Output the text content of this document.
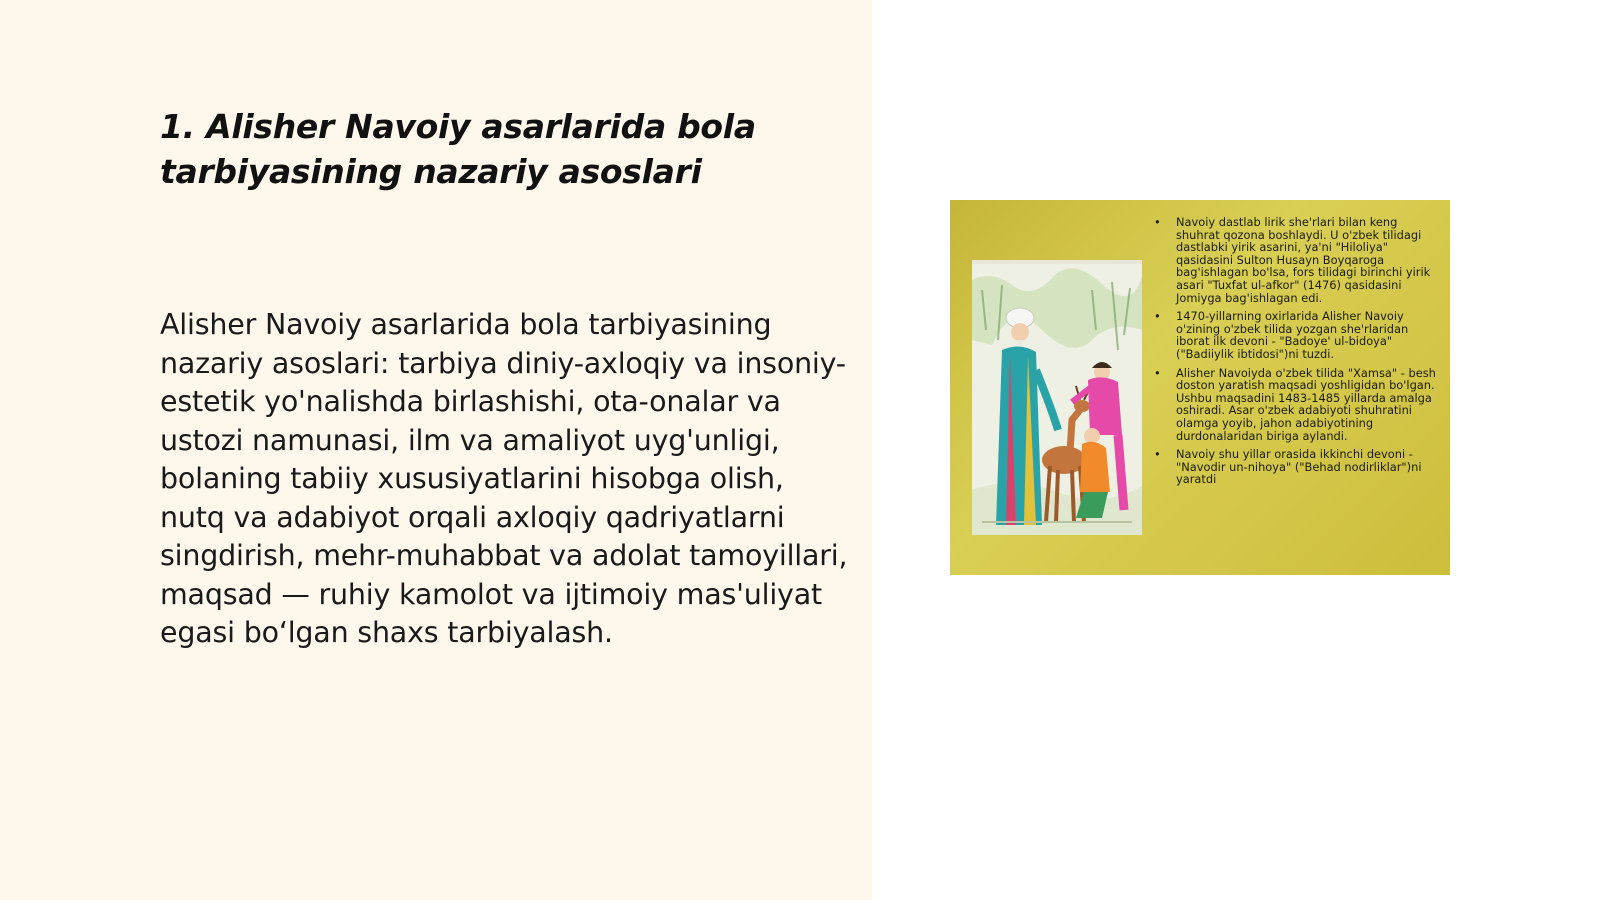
1. Alisher Navoiy asarlarida bola tarbiyasining nazariy asoslari

Alisher Navoiy asarlarida bola tarbiyasining nazariy asoslari: tarbiya diniy-axloqiy va insoniy-estetik yo'nalishda birlashishi, ota-onalar va ustozi namunasi, ilm va amaliyot uyg'unligi, bolaning tabiiy xususiyatlarini hisobga olish, nutq va adabiyot orqali axloqiy qadriyatlarni singdirish, mehr-muhabbat va adolat tamoyillari, maqsad — ruhiy kamolot va ijtimoiy mas'uliyat egasi bo‘lgan shaxs tarbiyalash.

• Navoiy dastlab lirik she'rlari bilan keng shuhrat qozona boshlaydi. U o'zbek tilidagi dastlabki yirik asarini, ya'ni "Hiloliya" qasidasini Sulton Husayn Boyqaroga bag'ishlagan bo'lsa, fors tilidagi birinchi yirik asari "Tuxfat ul-afkor" (1476) qasidasini Jomiyga bag'ishlagan edi.
• 1470-yillarning oxirlarida Alisher Navoiy o'zining o'zbek tilida yozgan she'rlaridan iborat ilk devoni - "Badoye' ul-bidoya" ("Badiiylik ibtidosi")ni tuzdi.
• Alisher Navoiyda o'zbek tilida "Xamsa" - besh doston yaratish maqsadi yoshligidan bo'lgan. Ushbu maqsadini 1483-1485 yillarda amalga oshiradi. Asar o'zbek adabiyoti shuhratini olamga yoyib, jahon adabiyotining durdonalaridan biriga aylandi.
• Navoiy shu yillar orasida ikkinchi devoni - "Navodir un-nihoya" ("Behad nodirliklar")ni yaratdi
